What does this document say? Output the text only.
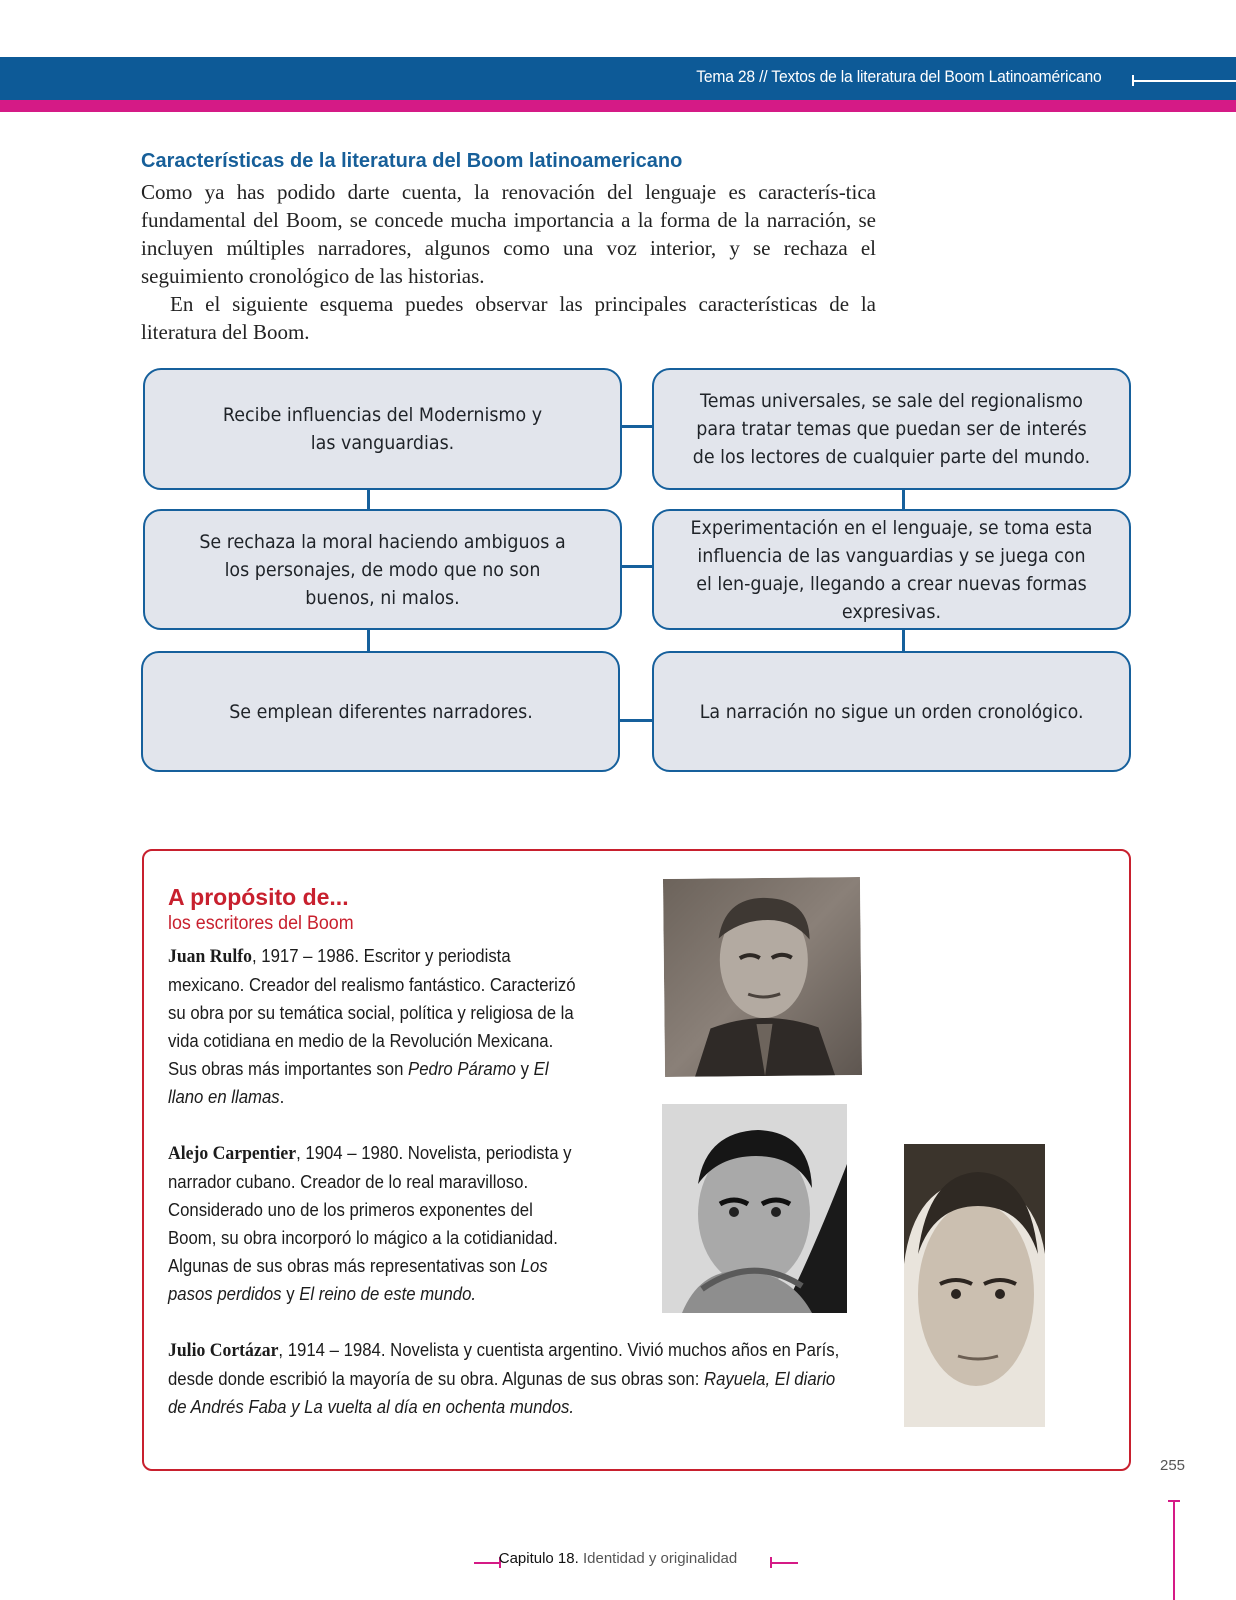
Tema 28 // Textos de la literatura del Boom Latinoaméricano
Características de la literatura del Boom latinoamericano

Como ya has podido darte cuenta, la renovación del lenguaje es caracterís-tica fundamental del Boom, se concede mucha importancia a la forma de la narración, se incluyen múltiples narradores, algunos como una voz interior, y se rechaza el seguimiento cronológico de las historias.

En el siguiente esquema puedes observar las principales características de la literatura del Boom.

Recibe influencias del Modernismo y las vanguardias.
Temas universales, se sale del regionalismo para tratar temas que puedan ser de interés de los lectores de cualquier parte del mundo.
Se rechaza la moral haciendo ambiguos a los personajes, de modo que no son buenos, ni malos.
Experimentación en el lenguaje, se toma esta influencia de las vanguardias y se juega con el len-guaje, llegando a crear nuevas formas expresivas.
Se emplean diferentes narradores.	La narración no sigue un orden cronológico.
A propósito de...
los escritores del Boom
Juan Rulfo, 1917 – 1986. Escritor y periodista mexicano. Creador del realismo fantástico. Caracterizó su obra por su temática social, política y religiosa de la vida cotidiana en medio de la Revolución Mexicana. Sus obras más importantes son Pedro Páramo y El llano en llamas.
Alejo Carpentier, 1904 – 1980. Novelista, periodista y narrador cubano. Creador de lo real maravilloso. Considerado uno de los primeros exponentes del Boom, su obra incorporó lo mágico a la cotidianidad. Algunas de sus obras más representativas son Los pasos perdidos y El reino de este mundo.
Julio Cortázar, 1914 – 1984. Novelista y cuentista argentino. Vivió muchos años en París, desde donde escribió la mayoría de su obra. Algunas de sus obras son: Rayuela, El diario de Andrés Faba y La vuelta al día en ochenta mundos.
255
Capitulo 18. Identidad y originalidad
